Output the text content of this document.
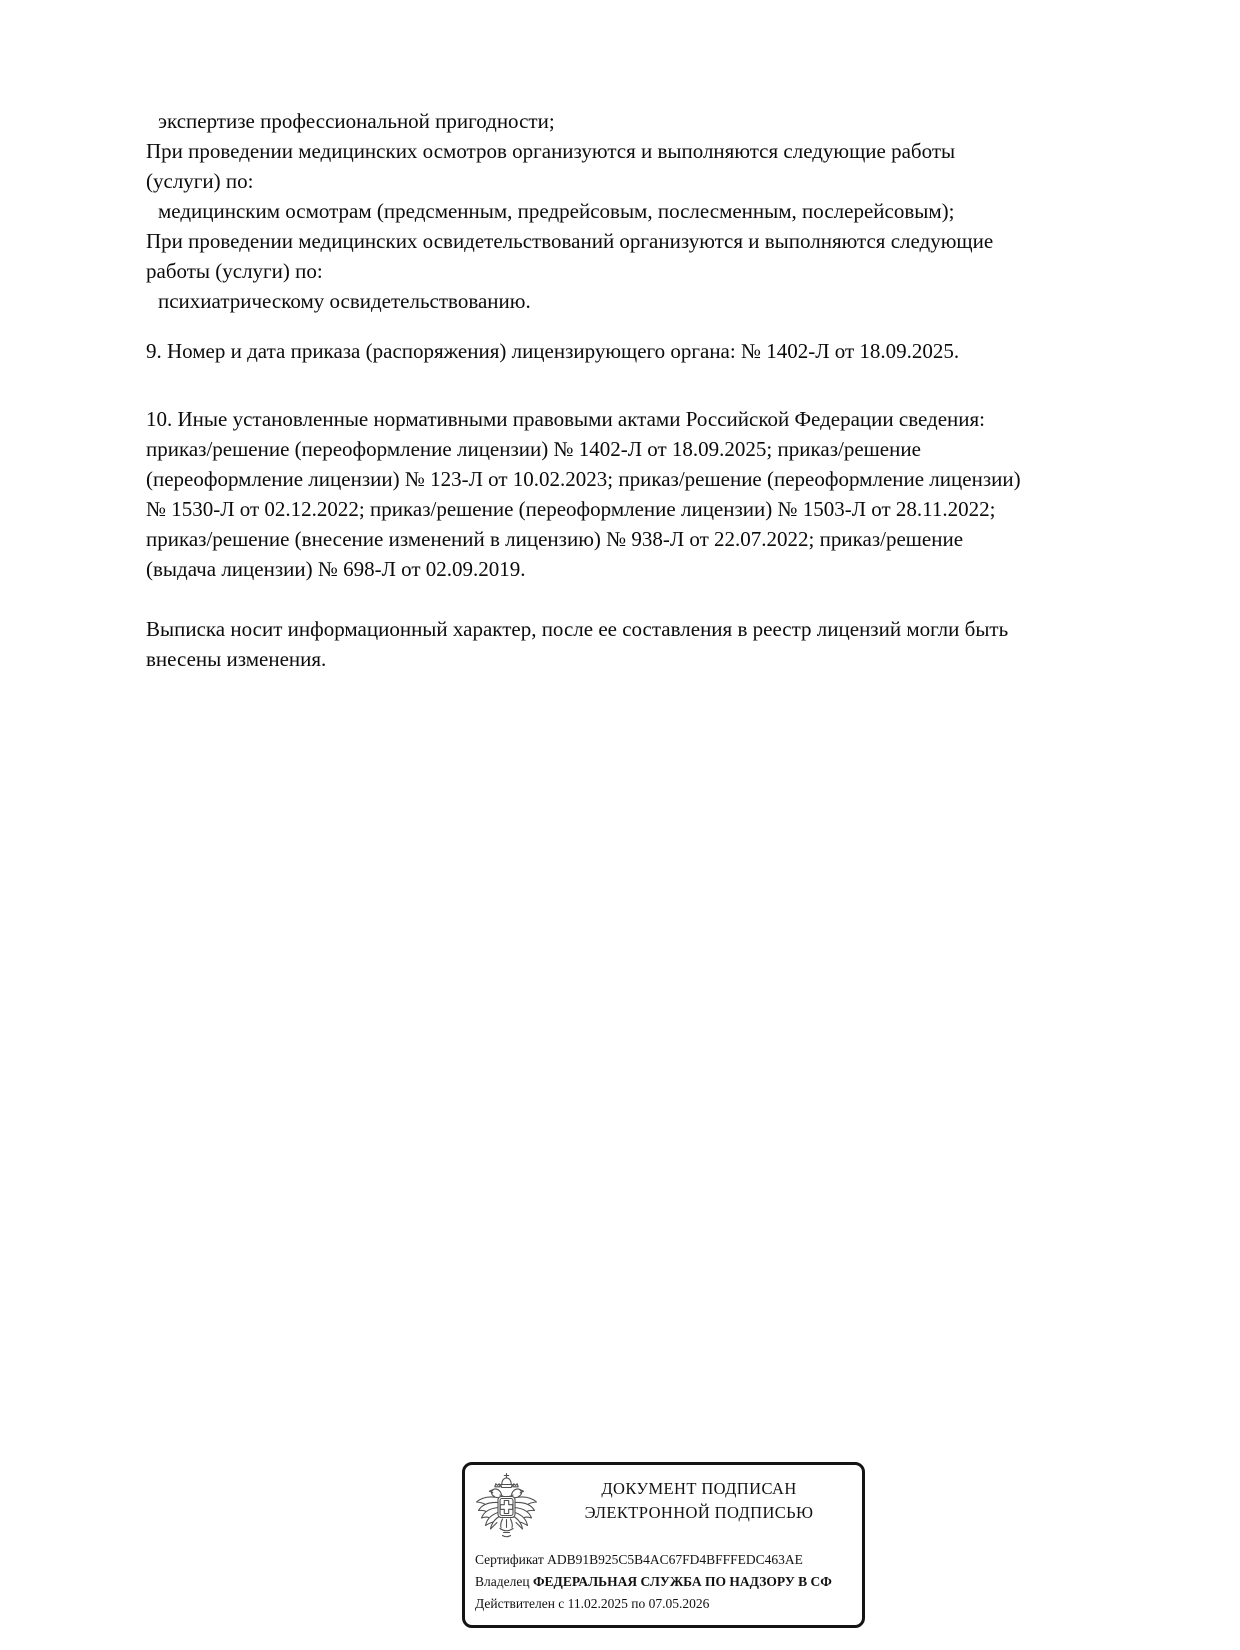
экспертизе профессиональной пригодности;
При проведении медицинских осмотров организуются и выполняются следующие работы
(услуги) по:
медицинским осмотрам (предсменным, предрейсовым, послесменным, послерейсовым);
При проведении медицинских освидетельствований организуются и выполняются следующие
работы (услуги) по:
психиатрическому освидетельствованию.
9. Номер и дата приказа (распоряжения) лицензирующего органа: № 1402-Л от 18.09.2025.
10. Иные установленные нормативными правовыми актами Российской Федерации сведения:
приказ/решение (переоформление лицензии) № 1402-Л от 18.09.2025; приказ/решение
(переоформление лицензии) № 123-Л от 10.02.2023; приказ/решение (переоформление лицензии)
№ 1530-Л от 02.12.2022; приказ/решение (переоформление лицензии) № 1503-Л от 28.11.2022;
приказ/решение (внесение изменений в лицензию) № 938-Л от 22.07.2022; приказ/решение
(выдача лицензии) № 698-Л от 02.09.2019.
Выписка носит информационный характер, после ее составления в реестр лицензий могли быть
внесены изменения.
ДОКУМЕНТ ПОДПИСАН
ЭЛЕКТРОННОЙ ПОДПИСЬЮ
Сертификат ADB91B925C5B4AC67FD4BFFFEDC463AE
Владелец ФЕДЕРАЛЬНАЯ СЛУЖБА ПО НАДЗОРУ В СФ
Действителен с 11.02.2025 по 07.05.2026
